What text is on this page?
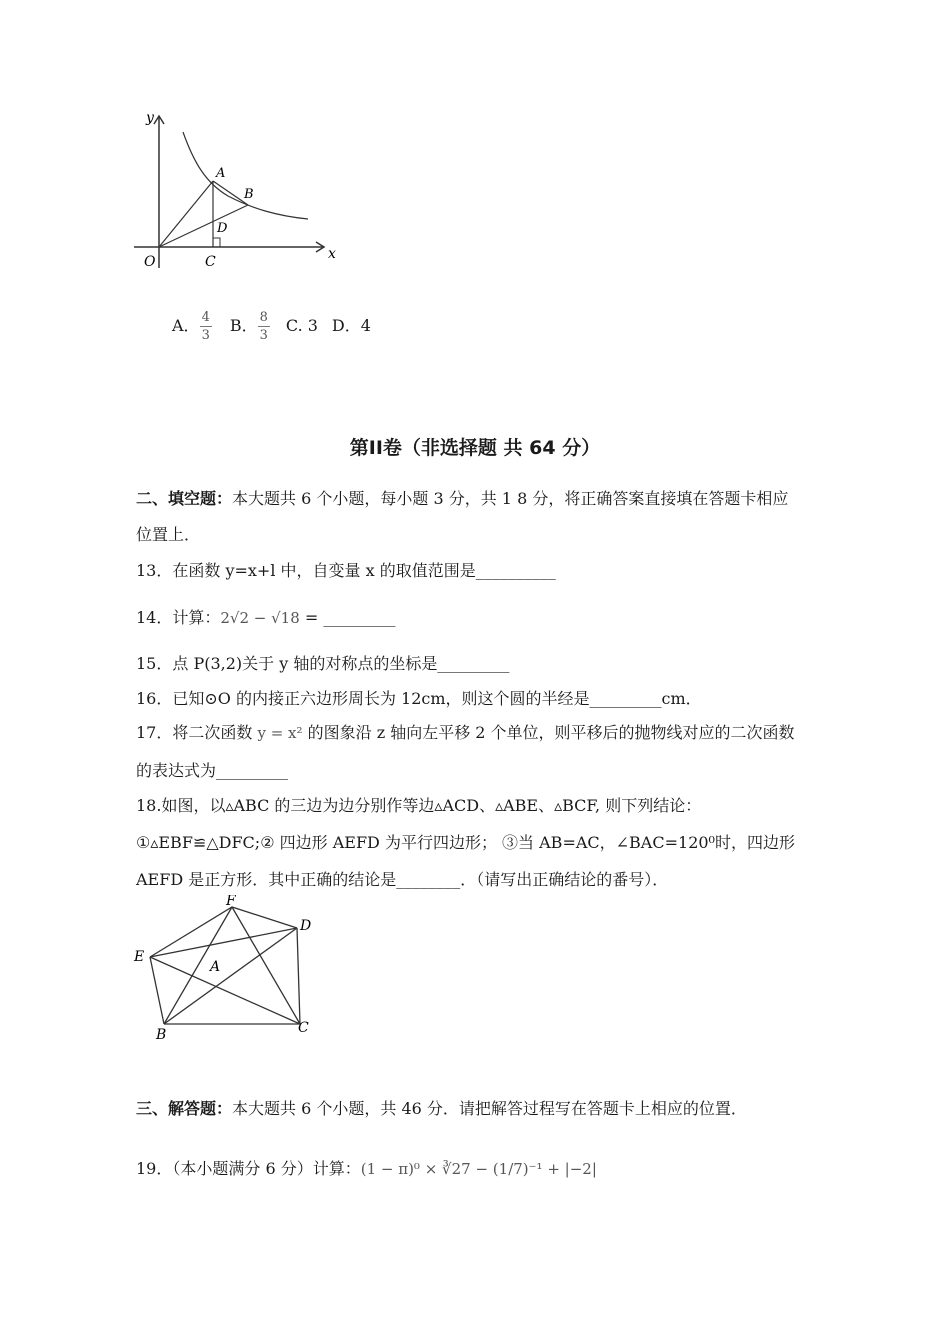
y
x
O	C
A
B
D
A． $\frac{4}{3}$ B． $\frac{8}{3} C$. 3 D．4
第II卷（非选择题 共 64 分）
二、填空题：本大题共 6 个小题，每小题 3 分，共 1 8 分，将正确答案直接填在答题卡相应
位置上．
13．在函数 y=x+l 中，自变量 x 的取值范围是__________
14．计算：2√2 − √18 = _________
15．点 P(3,2)关于 y 轴的对称点的坐标是_________
16．已知⊙O 的内接正六边形周长为 12cm，则这个圆的半经是_________cm．
17．将二次函数 y = x² 的图象沿 z 轴向左平移 2 个单位，则平移后的抛物线对应的二次函数
的表达式为_________
18.如图，以▵ABC 的三边为边分别作等边▵ACD、▵ABE、▵BCF, 则下列结论：
①▵EBF≌△DFC;② 四边形 AEFD 为平行四边形； ③当 AB=AC，∠BAC=120⁰时，四边形
AEFD 是正方形．其中正确的结论是________．（请写出正确结论的番号）．
F
D
E
A
B	C
三、解答题：本大题共 6 个小题，共 46 分．请把解答过程写在答题卡上相应的位置．
19．（本小题满分 6 分）计算：(1 − π)⁰ × ∛27 − (1/7)⁻¹ + |−2|
